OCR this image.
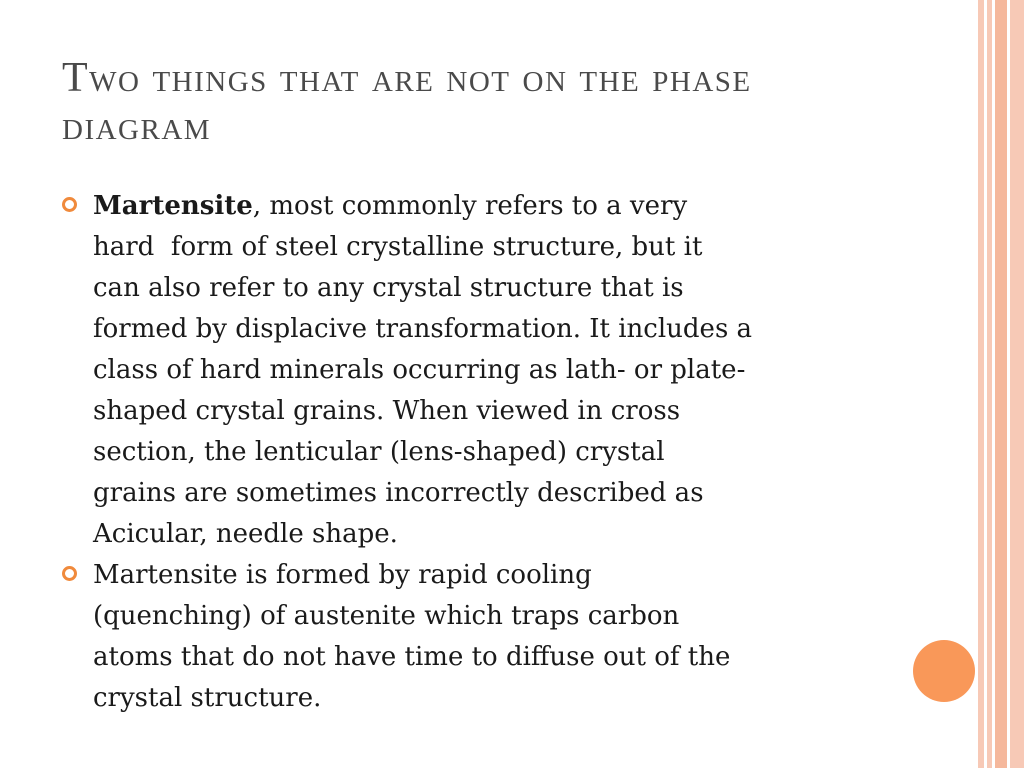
Two things that are not on the phase
diagram
Martensite, most commonly refers to a very
hard  form of steel crystalline structure, but it
can also refer to any crystal structure that is
formed by displacive transformation. It includes a
class of hard minerals occurring as lath- or plate-
shaped crystal grains. When viewed in cross
section, the lenticular (lens-shaped) crystal
grains are sometimes incorrectly described as
Acicular, needle shape.
Martensite is formed by rapid cooling
(quenching) of austenite which traps carbon
atoms that do not have time to diffuse out of the
crystal structure.
